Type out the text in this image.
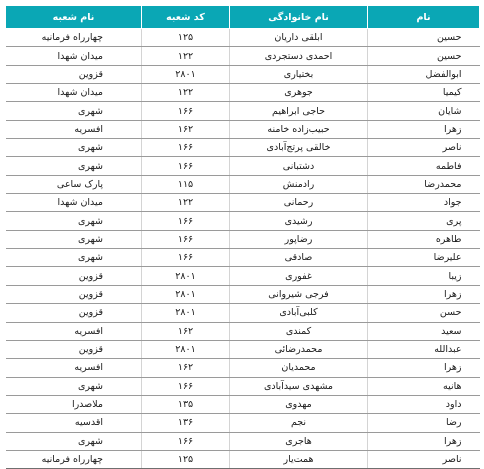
نام	نام خانوادگی	کد شعبه	نام شعبه
حسین	ابلقی داریان	۱۲۵	چهارراه فرمانیه
حسین	احمدی دستجردی	۱۲۲	میدان شهدا
ابوالفضل	بختیاری	۲۸۰۱	قزوین
کیمیا	جوهری	۱۲۲	میدان شهدا
شایان	حاجی ابراهیم	۱۶۶	شهری
زهرا	حبیب‌زاده خامنه	۱۶۲	افسریه
ناصر	خالقی پرتج‌آبادی	۱۶۶	شهری
فاطمه	دشتبانی	۱۶۶	شهری
محمدرضا	رادمنش	۱۱۵	پارک ساعی
جواد	رحمانی	۱۲۲	میدان شهدا
پری	رشیدی	۱۶۶	شهری
طاهره	رضاپور	۱۶۶	شهری
علیرضا	صادقی	۱۶۶	شهری
زیبا	غفوری	۲۸۰۱	قزوین
زهرا	فرجی شیروانی	۲۸۰۱	قزوین
حسن	کلبی‌آبادی	۲۸۰۱	قزوین
سعید	کمندی	۱۶۲	افسریه
عبدالله	محمدرضائی	۲۸۰۱	قزوین
زهرا	محمدیان	۱۶۲	افسریه
هانیه	مشهدی سیدآبادی	۱۶۶	شهری
داود	مهدوی	۱۳۵	ملاصدرا
رضا	نجم	۱۳۶	اقدسیه
زهرا	هاجری	۱۶۶	شهری
ناصر	همت‌یار	۱۲۵	چهارراه فرمانیه
